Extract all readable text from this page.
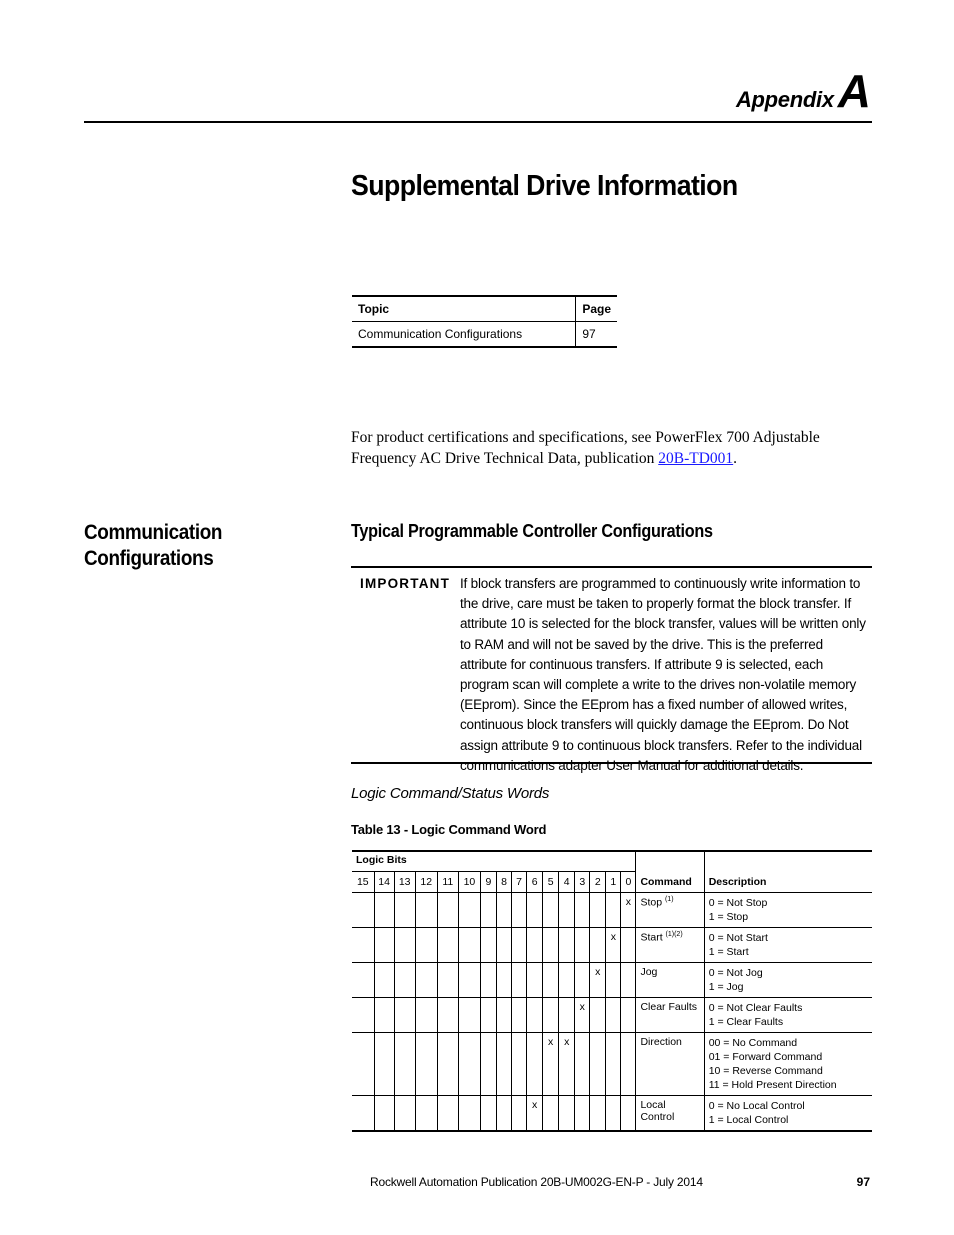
AppendixA
Supplemental Drive Information
Topic	Page
Communication Configurations	97
For product certifications and specifications, see PowerFlex 700 Adjustable Frequency AC Drive Technical Data, publication 20B-TD001.
Communication
Configurations
Typical Programmable Controller Configurations
IMPORTANT If block transfers are programmed to continuously write information to the drive, care must be taken to properly format the block transfer. If attribute 10 is selected for the block transfer, values will be written only to RAM and will not be saved by the drive. This is the preferred attribute for continuous transfers. If attribute 9 is selected, each program scan will complete a write to the drives non-volatile memory (EEprom). Since the EEprom has a fixed number of allowed writes, continuous block transfers will quickly damage the EEprom. Do Not assign attribute 9 to continuous block transfers. Refer to the individual communications adapter User Manual for additional details.
Logic Command/Status Words
Table 13 - Logic Command Word
Logic Bits																Command	Description
15	14	13	12	11	10	9	8	7	6	5	4	3	2	1	0		
															x	Stop $^{(1)}$	0 = Not Stop
1 = Stop

														x		Start $^{(1)(2)}$	0 = Not Start
1 = Start

													x			Jog	0 = Not Jog
1 = Jog

												x				Clear Faults	0 = Not Clear Faults
1 = Clear Faults

										x	x					Direction	00 = No Command
01 = Forward Command
10 = Reverse Command
11 = Hold Present Direction

									x							Local Control	0 = No Local Control
1 = Local Control
Rockwell Automation Publication 20B-UM002G-EN-P - July 2014	97
